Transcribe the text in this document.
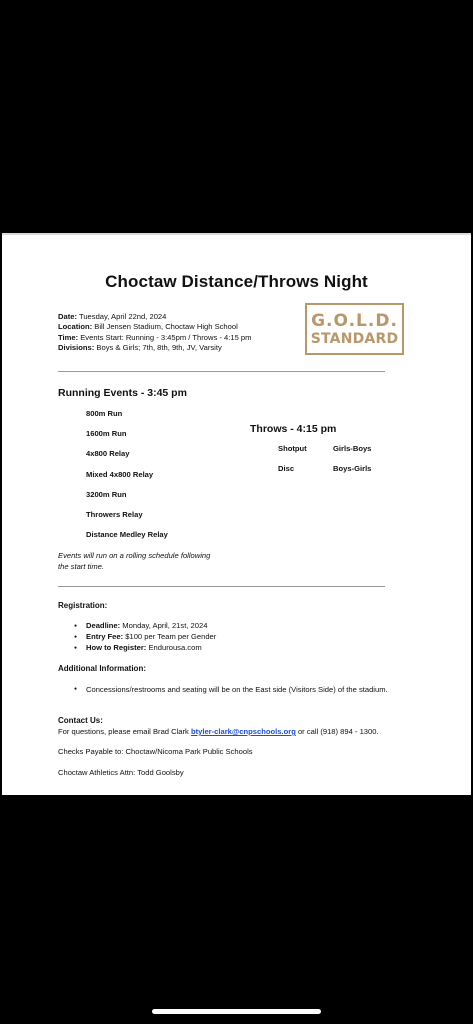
Choctaw Distance/Throws Night
Date: Tuesday, April 22nd, 2024
Location: Bill Jensen Stadium, Choctaw High School
Time: Events Start: Running - 3:45pm / Throws - 4:15 pm
Divisions: Boys & Girls; 7th, 8th, 9th, JV, Varsity
G.O.L.D.
STANDARD
Running Events - 3:45 pm
800m Run
1600m Run
4x800 Relay
Mixed 4x800 Relay
3200m Run
Throwers Relay
Distance Medley Relay
Events will run on a rolling schedule following the start time.
Throws - 4:15 pm
Shotput	Girls-Boys
Disc	Boys-Girls
Registration:
● Deadline: Monday, April, 21st, 2024
● Entry Fee: $100 per Team per Gender
● How to Register: Endurousa.com
Additional Information:
● Concessions/restrooms and seating will be on the East side (Visitors Side) of the stadium.
Contact Us:
For questions, please email Brad Clark btyler-clark@cnpschools.org or call (918) 894 - 1300.
Checks Payable to: Choctaw/Nicoma Park Public Schools
Choctaw Athletics Attn: Todd Goolsby
